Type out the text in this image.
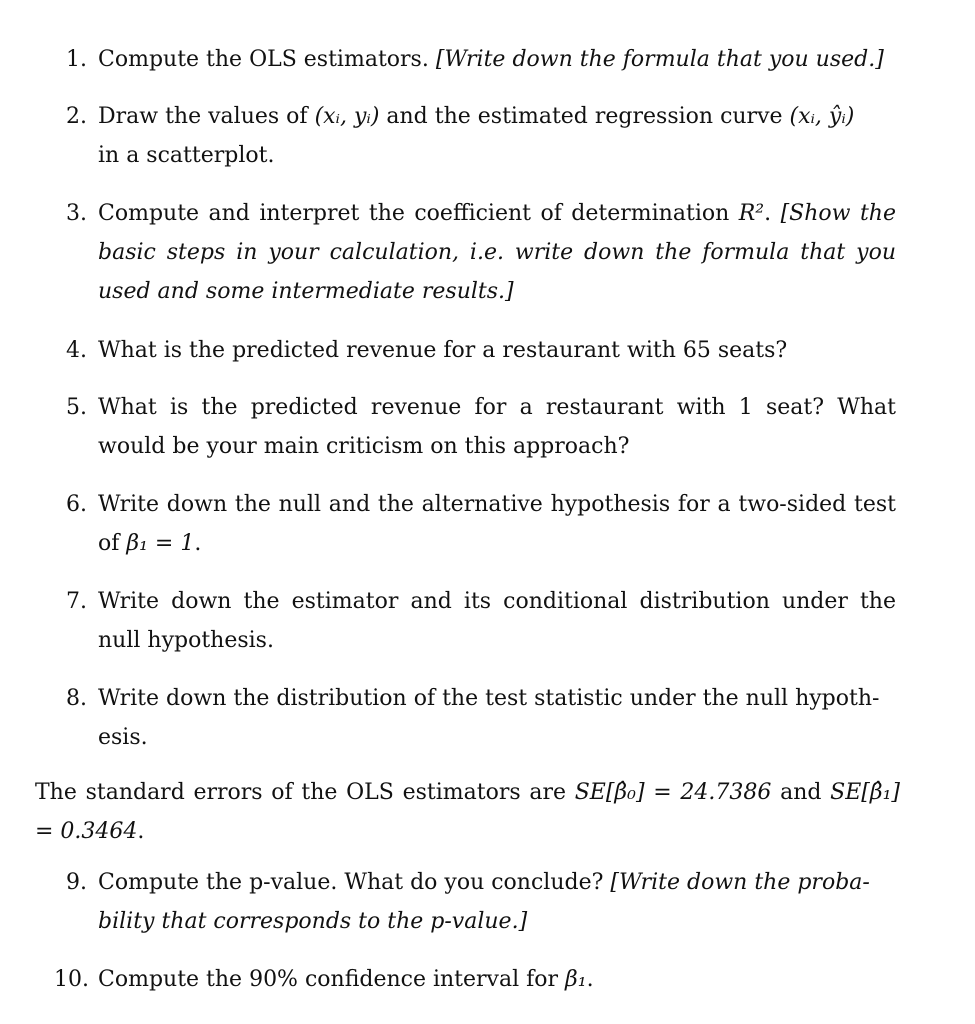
1. Compute the OLS estimators. [Write down the formula that you used.]
2. Draw the values of (xᵢ, yᵢ) and the estimated regression curve (xᵢ, ŷᵢ)
in a scatterplot.
3. Compute and interpret the coefficient of determination R². [Show the basic steps in your calculation, i.e. write down the formula that you used and some intermediate results.]
4. What is the predicted revenue for a restaurant with 65 seats?
5. What is the predicted revenue for a restaurant with 1 seat? What would be your main criticism on this approach?
6. Write down the null and the alternative hypothesis for a two-sided test of β₁ = 1.
7. Write down the estimator and its conditional distribution under the null hypothesis.
8. Write down the distribution of the test statistic under the null hypoth- esis.
The standard errors of the OLS estimators are SE[β̂₀] = 24.7386 and SE[β̂₁] = 0.3464.
9. Compute the p-value. What do you conclude? [Write down the proba- bility that corresponds to the p-value.]
10. Compute the 90% confidence interval for β₁.
